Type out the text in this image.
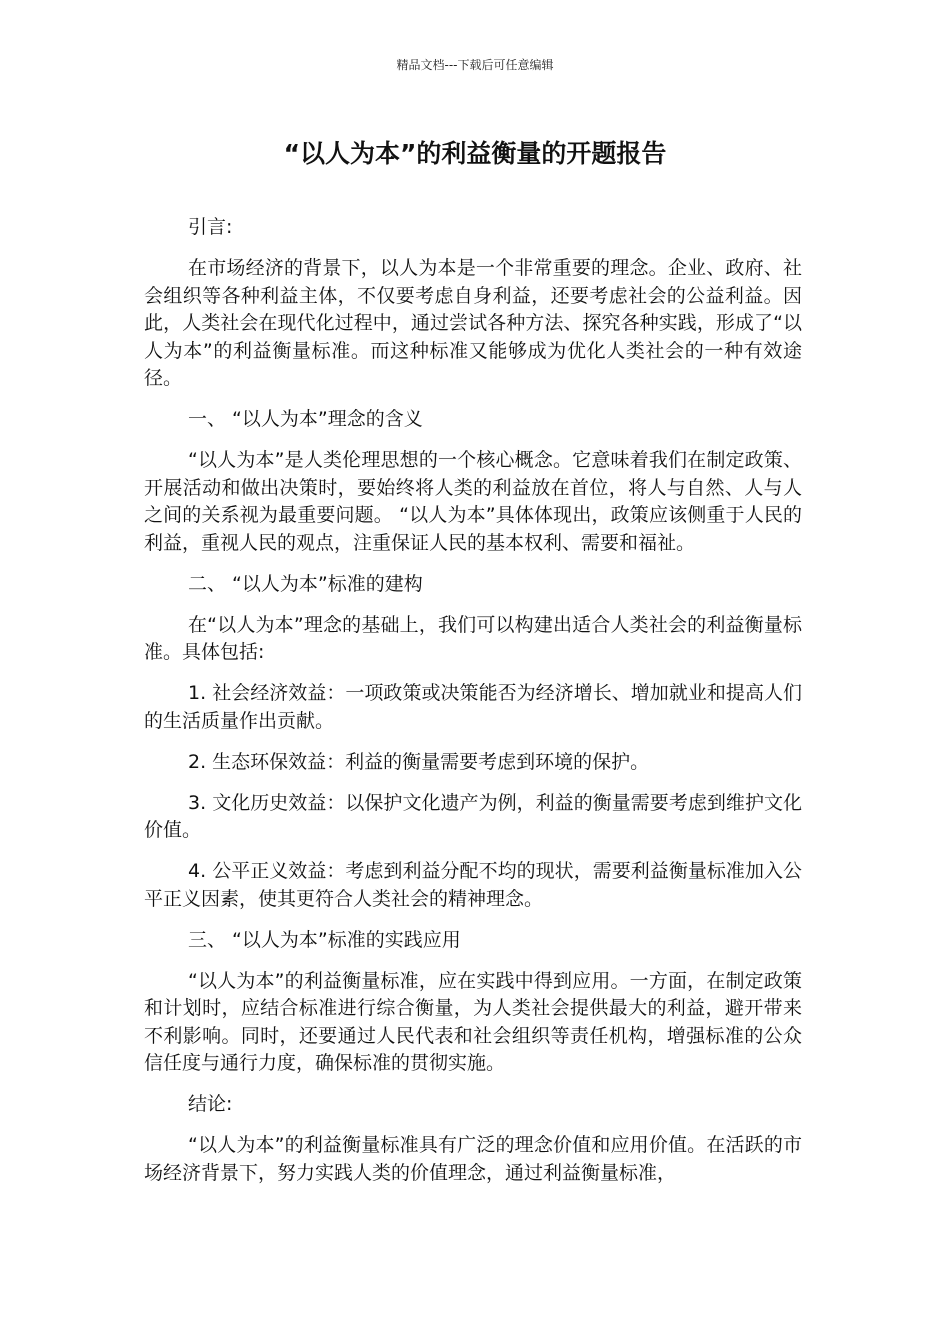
精品文档---下载后可任意编辑
“以人为本”的利益衡量的开题报告

引言:

在市场经济的背景下，以人为本是一个非常重要的理念。企业、政府、社会组织等各种利益主体，不仅要考虑自身利益，还要考虑社会的公益利益。因此，人类社会在现代化过程中，通过尝试各种方法、探究各种实践，形成了“以人为本”的利益衡量标准。而这种标准又能够成为优化人类社会的一种有效途径。

一、 “以人为本”理念的含义

“以人为本”是人类伦理思想的一个核心概念。它意味着我们在制定政策、开展活动和做出决策时，要始终将人类的利益放在首位，将人与自然、人与人之间的关系视为最重要问题。 “以人为本”具体体现出，政策应该侧重于人民的利益，重视人民的观点，注重保证人民的基本权利、需要和福祉。

二、 “以人为本”标准的建构

在“以人为本”理念的基础上，我们可以构建出适合人类社会的利益衡量标准。具体包括:

1. 社会经济效益：一项政策或决策能否为经济增长、增加就业和提高人们的生活质量作出贡献。

2. 生态环保效益：利益的衡量需要考虑到环境的保护。

3. 文化历史效益：以保护文化遗产为例，利益的衡量需要考虑到维护文化价值。

4. 公平正义效益：考虑到利益分配不均的现状，需要利益衡量标准加入公平正义因素，使其更符合人类社会的精神理念。

三、 “以人为本”标准的实践应用

“以人为本”的利益衡量标准，应在实践中得到应用。一方面，在制定政策和计划时，应结合标准进行综合衡量，为人类社会提供最大的利益，避开带来不利影响。同时，还要通过人民代表和社会组织等责任机构，增强标准的公众信任度与通行力度，确保标准的贯彻实施。

结论:

“以人为本”的利益衡量标准具有广泛的理念价值和应用价值。在活跃的市场经济背景下，努力实践人类的价值理念，通过利益衡量标准，
